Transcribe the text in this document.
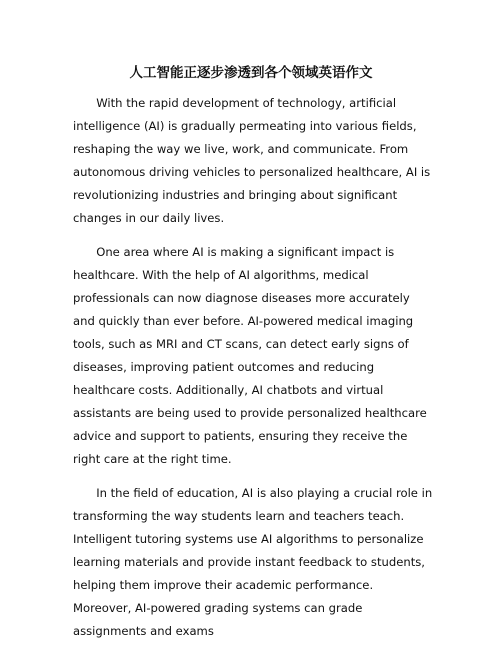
人工智能正逐步渗透到各个领域英语作文

With the rapid development of technology, artificial intelligence (AI) is gradually permeating into various fields, reshaping the way we live, work, and communicate. From autonomous driving vehicles to personalized healthcare, AI is revolutionizing industries and bringing about significant changes in our daily lives.

One area where AI is making a significant impact is healthcare. With the help of AI algorithms, medical professionals can now diagnose diseases more accurately and quickly than ever before. AI-powered medical imaging tools, such as MRI and CT scans, can detect early signs of diseases, improving patient outcomes and reducing healthcare costs. Additionally, AI chatbots and virtual assistants are being used to provide personalized healthcare advice and support to patients, ensuring they receive the right care at the right time.

In the field of education, AI is also playing a crucial role in transforming the way students learn and teachers teach. Intelligent tutoring systems use AI algorithms to personalize learning materials and provide instant feedback to students, helping them improve their academic performance. Moreover, AI-powered grading systems can grade assignments and exams
